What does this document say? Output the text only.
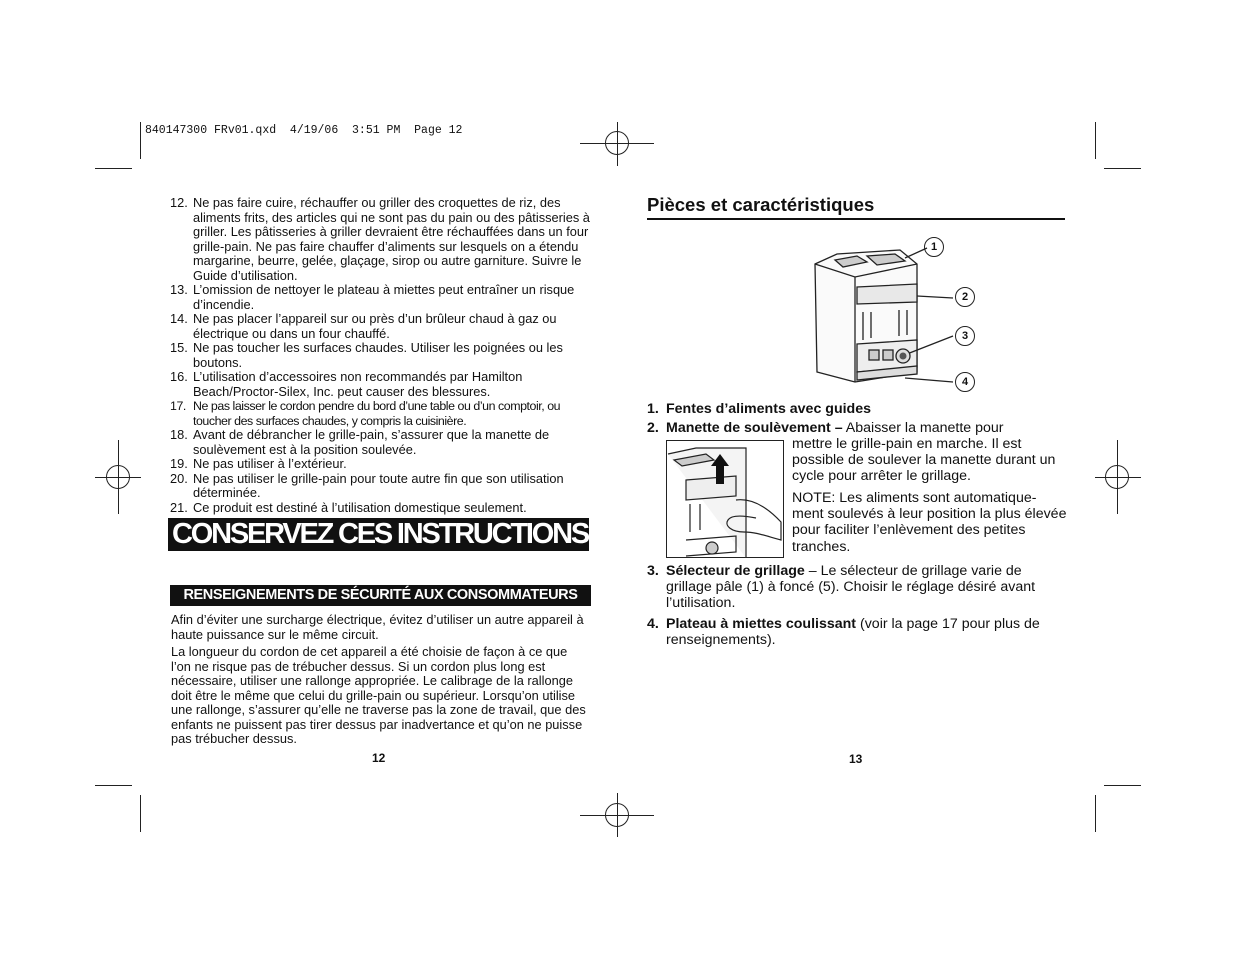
840147300 FRv01.qxd  4/19/06  3:51 PM  Page 12
12. Ne pas faire cuire, réchauffer ou griller des croquettes de riz, des aliments frits, des articles qui ne sont pas du pain ou des pâtisseries à griller. Les pâtisseries à griller devraient être réchauffées dans un four grille-pain. Ne pas faire chauffer d’aliments sur lesquels on a étendu margarine, beurre, gelée, glaçage, sirop ou autre garniture. Suivre le Guide d’utilisation.
13. L’omission de nettoyer le plateau à miettes peut entraîner un risque d’incendie.
14. Ne pas placer l’appareil sur ou près d’un brûleur chaud à gaz ou électrique ou dans un four chauffé.
15. Ne pas toucher les surfaces chaudes. Utiliser les poignées ou les boutons.
16. L’utilisation d’accessoires non recommandés par Hamilton Beach/Proctor-Silex, Inc. peut causer des blessures.
17. Ne pas laisser le cordon pendre du bord d’une table ou d’un comptoir, ou toucher des surfaces chaudes, y compris la cuisinière.
18. Avant de débrancher le grille-pain, s’assurer que la manette de soulèvement est à la position soulevée.
19. Ne pas utiliser à l’extérieur.
20. Ne pas utiliser le grille-pain pour toute autre fin que son utilisation déterminée.
21. Ce produit est destiné à l’utilisation domestique seulement.
CONSERVEZ CES INSTRUCTIONS
RENSEIGNEMENTS DE SÉCURITÉ AUX CONSOMMATEURS
Afin d’éviter une surcharge électrique, évitez d’utiliser un autre appareil à haute puissance sur le même circuit.
La longueur du cordon de cet appareil a été choisie de façon à ce que l’on ne risque pas de trébucher dessus. Si un cordon plus long est nécessaire, utiliser une rallonge appropriée. Le calibrage de la rallonge doit être le même que celui du grille-pain ou supérieur. Lorsqu’on utilise une rallonge, s’assurer qu’elle ne traverse pas la zone de travail, que des enfants ne puissent pas tirer dessus par inadvertance et qu’on ne puisse pas trébucher dessus.
12
Pièces et caractéristiques
1
2
3
4
1. Fentes d’aliments avec guides
2. Manette de soulèvement – Abaisser la manette pour
mettre le grille-pain en marche. Il est possible de soulever la manette durant un cycle pour arrêter le grillage.
NOTE: Les aliments sont automatique-ment soulevés à leur position la plus élevée pour faciliter l’enlèvement des petites tranches.
3. Sélecteur de grillage – Le sélecteur de grillage varie de grillage pâle (1) à foncé (5). Choisir le réglage désiré avant l’utilisation.
4. Plateau à miettes coulissant (voir la page 17 pour plus de renseignements).
13
